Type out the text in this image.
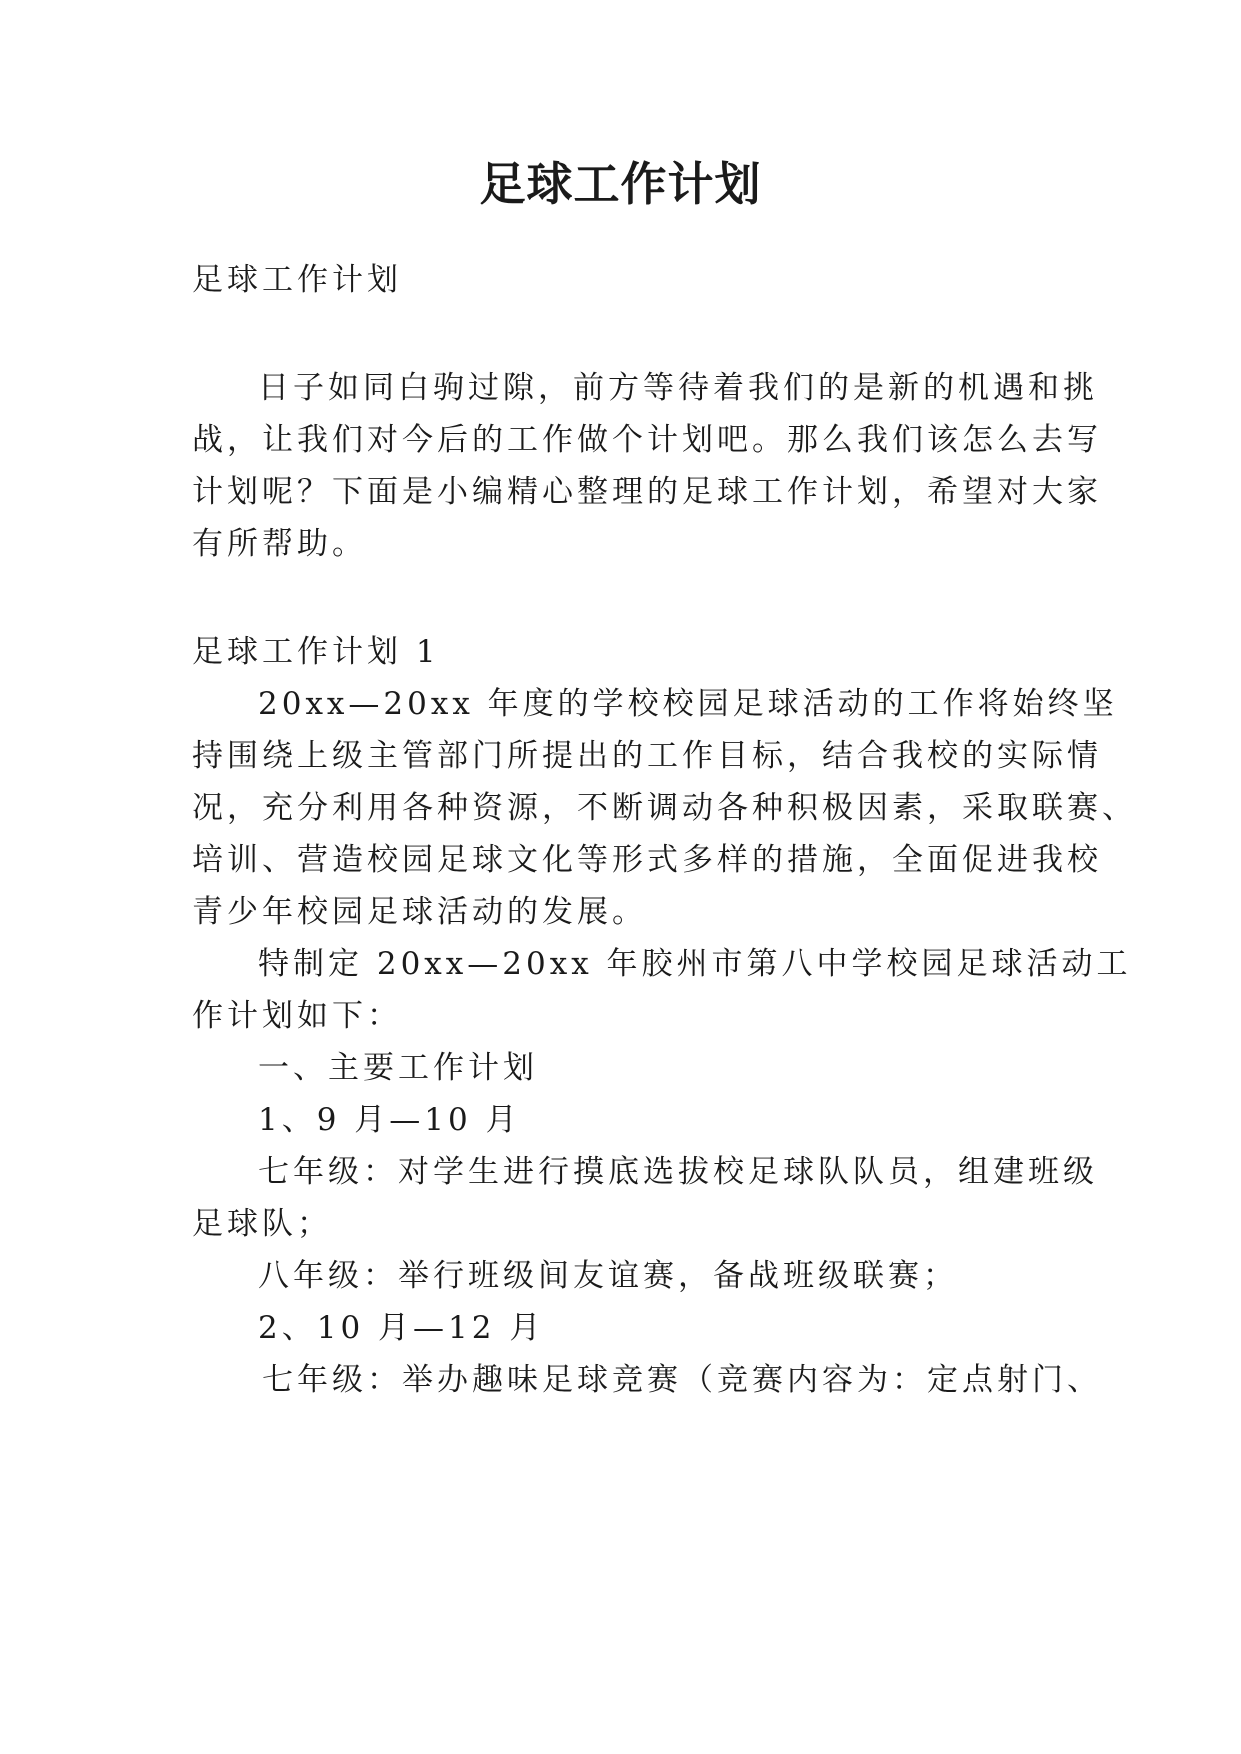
足球工作计划

足球工作计划

日子如同白驹过隙，前方等待着我们的是新的机遇和挑

战，让我们对今后的工作做个计划吧。那么我们该怎么去写

计划呢？下面是小编精心整理的足球工作计划，希望对大家

有所帮助。

足球工作计划 1

20xx—20xx 年度的学校校园足球活动的工作将始终坚

持围绕上级主管部门所提出的工作目标，结合我校的实际情

况，充分利用各种资源，不断调动各种积极因素，采取联赛、

培训、营造校园足球文化等形式多样的措施，全面促进我校

青少年校园足球活动的发展。

特制定 20xx—20xx 年胶州市第八中学校园足球活动工

作计划如下：

一、主要工作计划

1、9 月—10 月

七年级：对学生进行摸底选拔校足球队队员，组建班级

足球队；

八年级：举行班级间友谊赛，备战班级联赛；

2、10 月—12 月

七年级：举办趣味足球竞赛（竞赛内容为：定点射门、
